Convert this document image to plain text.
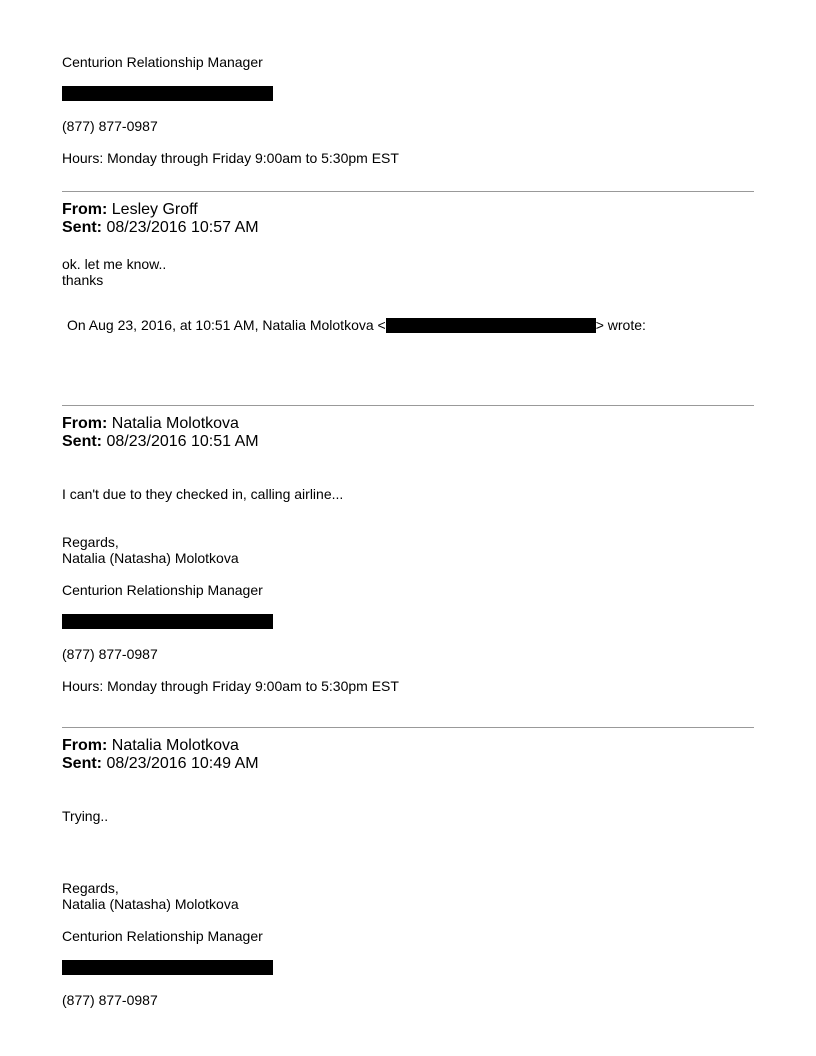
Centurion Relationship Manager
(877) 877-0987
Hours: Monday through Friday 9:00am to 5:30pm EST
From: Lesley Groff
Sent: 08/23/2016 10:57 AM
ok. let me know..
thanks
On Aug 23, 2016, at 10:51 AM, Natalia Molotkova <	> wrote:
From: Natalia Molotkova
Sent: 08/23/2016 10:51 AM
I can't due to they checked in, calling airline...
Regards,
Natalia (Natasha) Molotkova
Centurion Relationship Manager
(877) 877-0987
Hours: Monday through Friday 9:00am to 5:30pm EST
From: Natalia Molotkova
Sent: 08/23/2016 10:49 AM
Trying..
Regards,
Natalia (Natasha) Molotkova
Centurion Relationship Manager
(877) 877-0987
